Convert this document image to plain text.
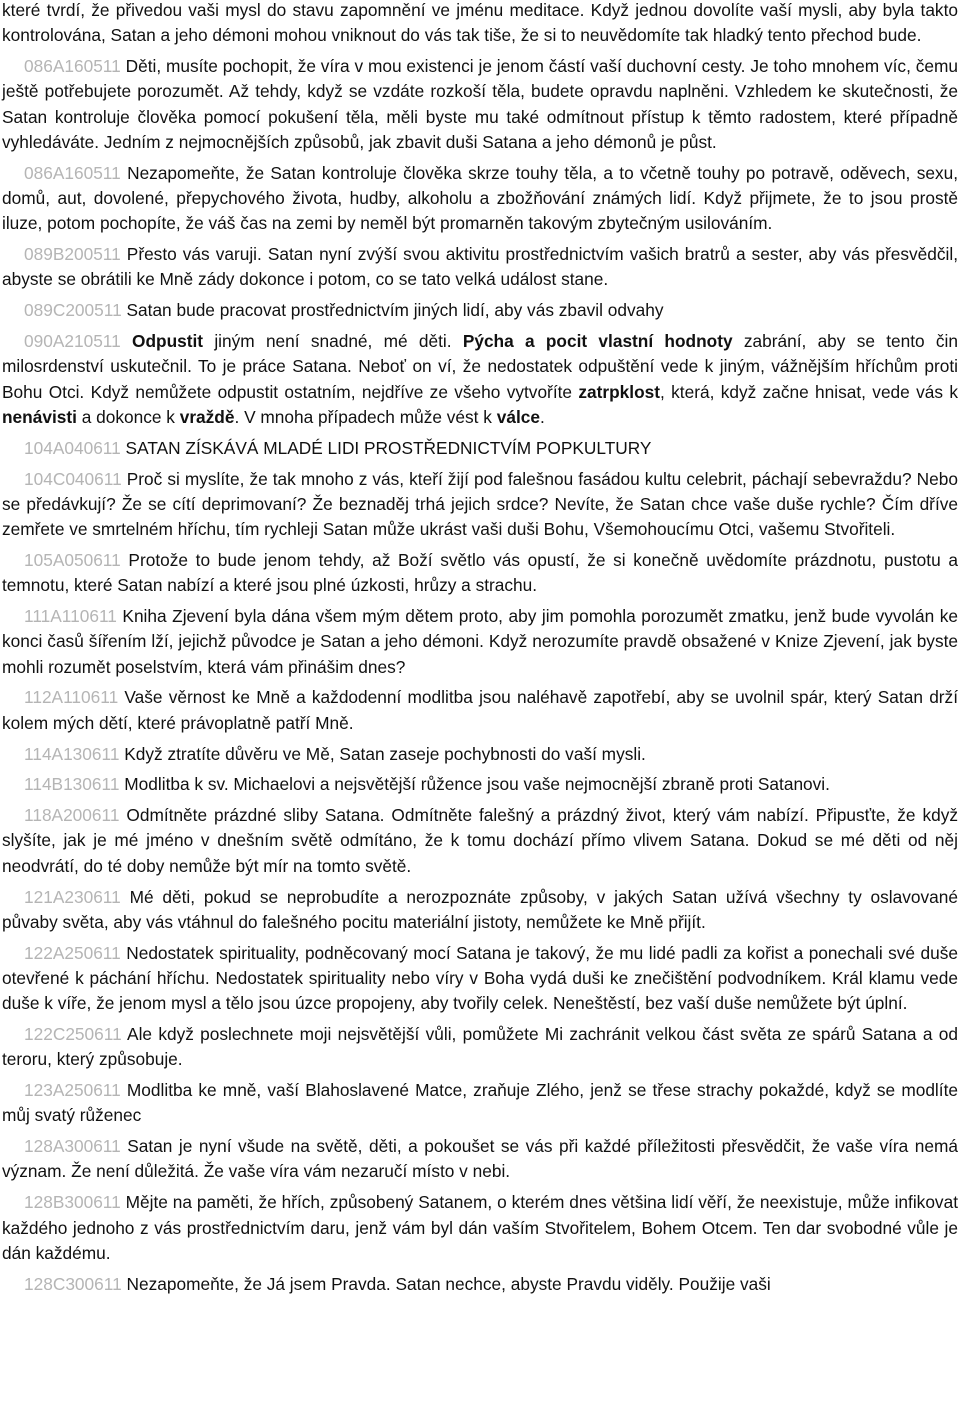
které tvrdí, že přivedou vaši mysl do stavu zapomnění ve jménu meditace. Když jednou dovolíte vaší mysli, aby byla takto kontrolována, Satan a jeho démoni mohou vniknout do vás tak tiše, že si to neuvědomíte tak hladký tento přechod bude.

086A160511 Děti, musíte pochopit, že víra v mou existenci je jenom částí vaší duchovní cesty. Je toho mnohem víc, čemu ještě potřebujete porozumět. Až tehdy, když se vzdáte rozkoší těla, budete opravdu naplněni. Vzhledem ke skutečnosti, že Satan kontroluje člověka pomocí pokušení těla, měli byste mu také odmítnout přístup k těmto radostem, které případně vyhledáváte. Jedním z nejmocnějších způsobů, jak zbavit duši Satana a jeho démonů je půst.

086A160511 Nezapomeňte, že Satan kontroluje člověka skrze touhy těla, a to včetně touhy po potravě, oděvech, sexu, domů, aut, dovolené, přepychového života, hudby, alkoholu a zbožňování známých lidí. Když přijmete, že to jsou prostě iluze, potom pochopíte, že váš čas na zemi by neměl být promarněn takovým zbytečným usilováním.

089B200511 Přesto vás varuji. Satan nyní zvýší svou aktivitu prostřednictvím vašich bratrů a sester, aby vás přesvědčil, abyste se obrátili ke Mně zády dokonce i potom, co se tato velká událost stane.

089C200511 Satan bude pracovat prostřednictvím jiných lidí, aby vás zbavil odvahy

090A210511 Odpustit jiným není snadné, mé děti. Pýcha a pocit vlastní hodnoty zabrání, aby se tento čin milosrdenství uskutečnil. To je práce Satana. Neboť on ví, že nedostatek odpuštění vede k jiným, vážnějším hříchům proti Bohu Otci. Když nemůžete odpustit ostatním, nejdříve ze všeho vytvoříte zatrpklost, která, když začne hnisat, vede vás k nenávisti a dokonce k vraždě. V mnoha případech může vést k válce.

104A040611 SATAN ZÍSKÁVÁ MLADÉ LIDI PROSTŘEDNICTVÍM POPKULTURY

104C040611 Proč si myslíte, že tak mnoho z vás, kteří žijí pod falešnou fasádou kultu celebrit, páchají sebevraždu? Nebo se předávkují? Že se cítí deprimovaní? Že beznaděj trhá jejich srdce? Nevíte, že Satan chce vaše duše rychle? Čím dříve zemřete ve smrtelném hříchu, tím rychleji Satan může ukrást vaši duši Bohu, Všemohoucímu Otci, vašemu Stvořiteli.

105A050611 Protože to bude jenom tehdy, až Boží světlo vás opustí, že si konečně uvědomíte prázdnotu, pustotu a temnotu, které Satan nabízí a které jsou plné úzkosti, hrůzy a strachu.

111A110611 Kniha Zjevení byla dána všem mým dětem proto, aby jim pomohla porozumět zmatku, jenž bude vyvolán ke konci časů šířením lží, jejichž původce je Satan a jeho démoni. Když nerozumíte pravdě obsažené v Knize Zjevení, jak byste mohli rozumět poselstvím, která vám přinášim dnes?

112A110611 Vaše věrnost ke Mně a každodenní modlitba jsou naléhavě zapotřebí, aby se uvolnil spár, který Satan drží kolem mých dětí, které právoplatně patří Mně.

114A130611 Když ztratíte důvěru ve Mě, Satan zaseje pochybnosti do vaší mysli.

114B130611 Modlitba k sv. Michaelovi a nejsvětější růžence jsou vaše nejmocnější zbraně proti Satanovi.

118A200611 Odmítněte prázdné sliby Satana. Odmítněte falešný a prázdný život, který vám nabízí. Připusťte, že když slyšíte, jak je mé jméno v dnešním světě odmítáno, že k tomu dochází přímo vlivem Satana. Dokud se mé děti od něj neodvrátí, do té doby nemůže být mír na tomto světě.

121A230611 Mé děti, pokud se neprobudíte a nerozpoznáte způsoby, v jakých Satan užívá všechny ty oslavované půvaby světa, aby vás vtáhnul do falešného pocitu materiální jistoty, nemůžete ke Mně přijít.

122A250611 Nedostatek spirituality, podněcovaný mocí Satana je takový, že mu lidé padli za kořist a ponechali své duše otevřené k páchání hříchu. Nedostatek spirituality nebo víry v Boha vydá duši ke znečištění podvodníkem. Král klamu vede duše k víře, že jenom mysl a tělo jsou úzce propojeny, aby tvořily celek. Neneštěstí, bez vaší duše nemůžete být úplní.

122C250611 Ale když poslechnete moji nejsvětější vůli, pomůžete Mi zachránit velkou část světa ze spárů Satana a od teroru, který způsobuje.

123A250611 Modlitba ke mně, vaší Blahoslavené Matce, zraňuje Zlého, jenž se třese strachy pokaždé, když se modlíte můj svatý růženec

128A300611 Satan je nyní všude na světě, děti, a pokoušet se vás při každé příležitosti přesvědčit, že vaše víra nemá význam. Že není důležitá. Že vaše víra vám nezaručí místo v nebi.

128B300611 Mějte na paměti, že hřích, způsobený Satanem, o kterém dnes většina lidí věří, že neexistuje, může infikovat každého jednoho z vás prostřednictvím daru, jenž vám byl dán vaším Stvořitelem, Bohem Otcem. Ten dar svobodné vůle je dán každému.

128C300611 Nezapomeňte, že Já jsem Pravda. Satan nechce, abyste Pravdu viděly. Použije vaši
